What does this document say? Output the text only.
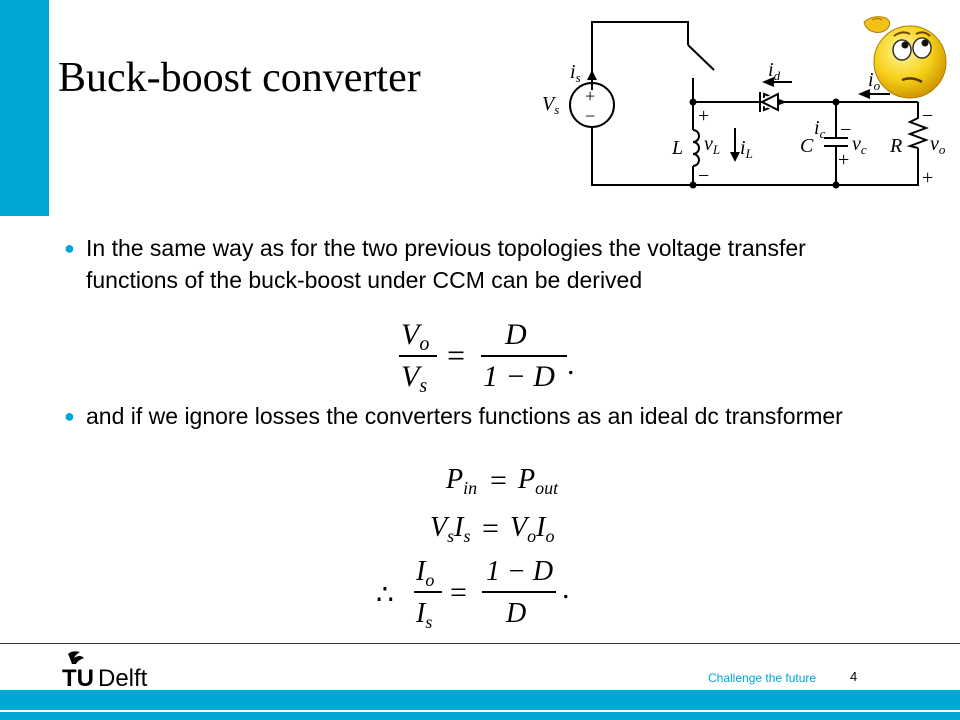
Buck-boost converter	+
−
$V_s$
$i_s$	$i_d$	$i_o$
$i_c$
L $v_L$ $i_L$ C $v_c$ R $v_o$
+
−
−
+
−
+
● In the same way as for the two previous topologies the voltage transfer functions of the buck-boost under CCM can be derived
$V_o$
$V_s$
D
1 − D
=	.
● and if we ignore losses the converters functions as an ideal dc transformer
$P_{in}$ $P_{out}$
$V_sI_s$ $V_oI_o$
$I_o$
$I_s$
1 − D
D
=
=
=
∴	.
TU Delft	Challenge the future	4
